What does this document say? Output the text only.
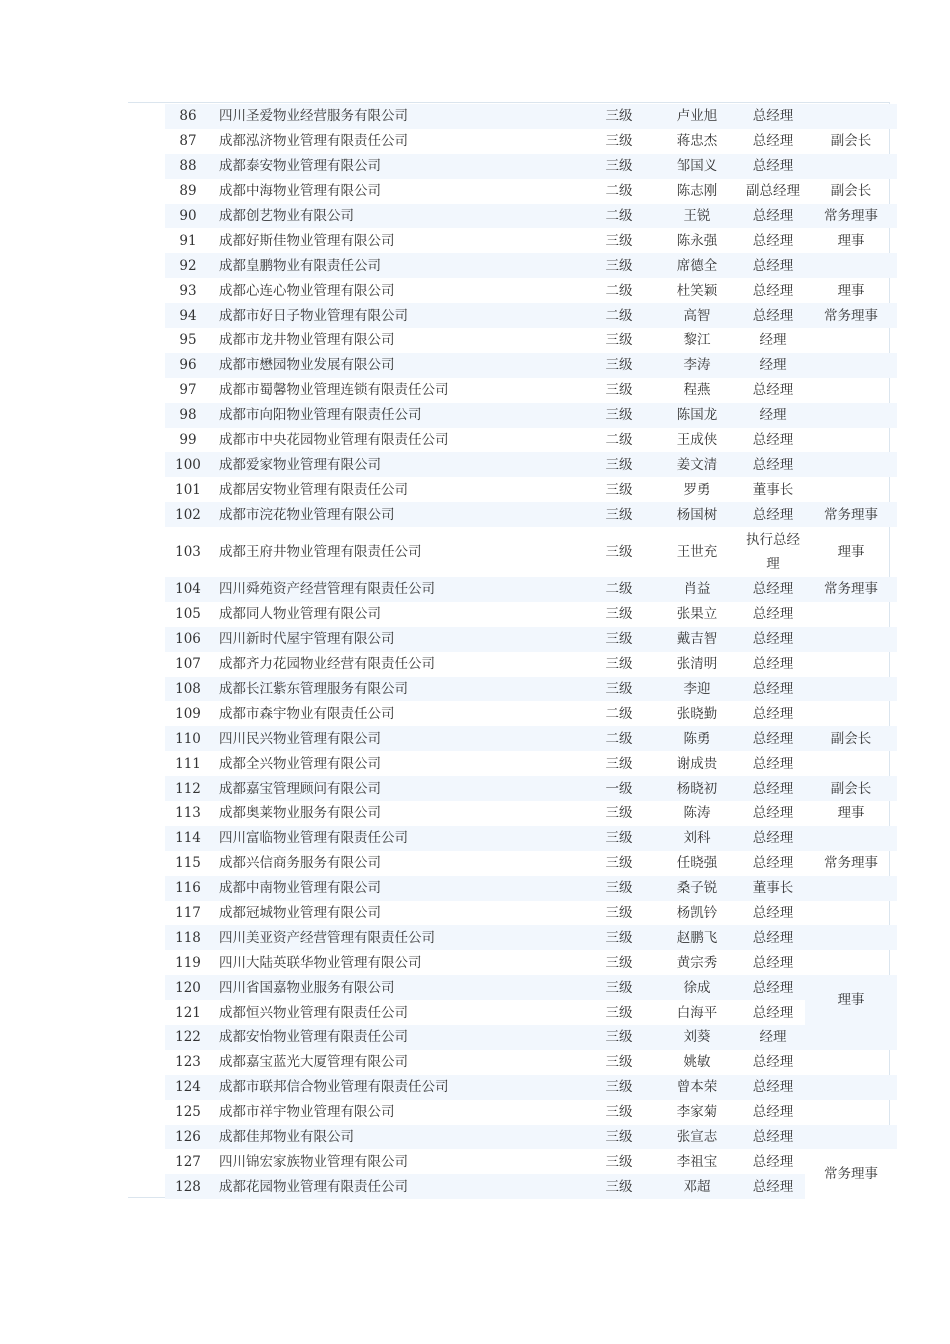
86	四川圣爱物业经营服务有限公司	三级	卢业旭	总经理	
87	成都泓济物业管理有限责任公司	三级	蒋忠杰	总经理	副会长
88	成都泰安物业管理有限公司	三级	邹国义	总经理	
89	成都中海物业管理有限公司	二级	陈志刚	副总经理	副会长
90	成都创艺物业有限公司	二级	王锐	总经理	常务理事
91	成都好斯佳物业管理有限公司	三级	陈永强	总经理	理事
92	成都皇鹏物业有限责任公司	三级	席德全	总经理	
93	成都心连心物业管理有限公司	二级	杜笑颖	总经理	理事
94	成都市好日子物业管理有限公司	二级	高智	总经理	常务理事
95	成都市龙井物业管理有限公司	三级	黎江	经理	
96	成都市懋园物业发展有限公司	三级	李涛	经理	
97	成都市蜀馨物业管理连锁有限责任公司	三级	程燕	总经理	
98	成都市向阳物业管理有限责任公司	三级	陈国龙	经理	
99	成都市中央花园物业管理有限责任公司	二级	王成侠	总经理	
100	成都爱家物业管理有限公司	三级	姜文清	总经理	
101	成都居安物业管理有限责任公司	三级	罗勇	董事长	
102	成都市浣花物业管理有限公司	三级	杨国树	总经理	常务理事
103	成都王府井物业管理有限责任公司	三级	王世充	执行总经理	理事
104	四川舜苑资产经营管理有限责任公司	二级	肖益	总经理	常务理事
105	成都同人物业管理有限公司	三级	张果立	总经理	
106	四川新时代屋宇管理有限公司	三级	戴吉智	总经理	
107	成都齐力花园物业经营有限责任公司	三级	张清明	总经理	
108	成都长江紫东管理服务有限公司	三级	李迎	总经理	
109	成都市森宇物业有限责任公司	二级	张晓勤	总经理	
110	四川民兴物业管理有限公司	二级	陈勇	总经理	副会长
111	成都全兴物业管理有限公司	三级	谢成贵	总经理	
112	成都嘉宝管理顾问有限公司	一级	杨晓初	总经理	副会长
113	成都奥莱物业服务有限公司	三级	陈涛	总经理	理事
114	四川富临物业管理有限责任公司	三级	刘科	总经理	
115	成都兴信商务服务有限公司	三级	任晓强	总经理	常务理事
116	成都中南物业管理有限公司	三级	桑子锐	董事长	
117	成都冠城物业管理有限公司	三级	杨凯钤	总经理	
118	四川美亚资产经营管理有限责任公司	三级	赵鹏飞	总经理	
119	四川大陆英联华物业管理有限公司	三级	黄宗秀	总经理	
120	四川省国嘉物业服务有限公司	三级	徐成	总经理	理事
121	成都恒兴物业管理有限责任公司	三级	白海平	总经理	
122	成都安怡物业管理有限责任公司	三级	刘葵	经理	
123	成都嘉宝蓝光大厦管理有限公司	三级	姚敏	总经理	
124	成都市联邦信合物业管理有限责任公司	三级	曾本荣	总经理	
125	成都市祥宇物业管理有限公司	三级	李家菊	总经理	
126	成都佳邦物业有限公司	三级	张宣志	总经理	
127	四川锦宏家族物业管理有限公司	三级	李祖宝	总经理	常务理事
128	成都花园物业管理有限责任公司	三级	邓超	总经理	
